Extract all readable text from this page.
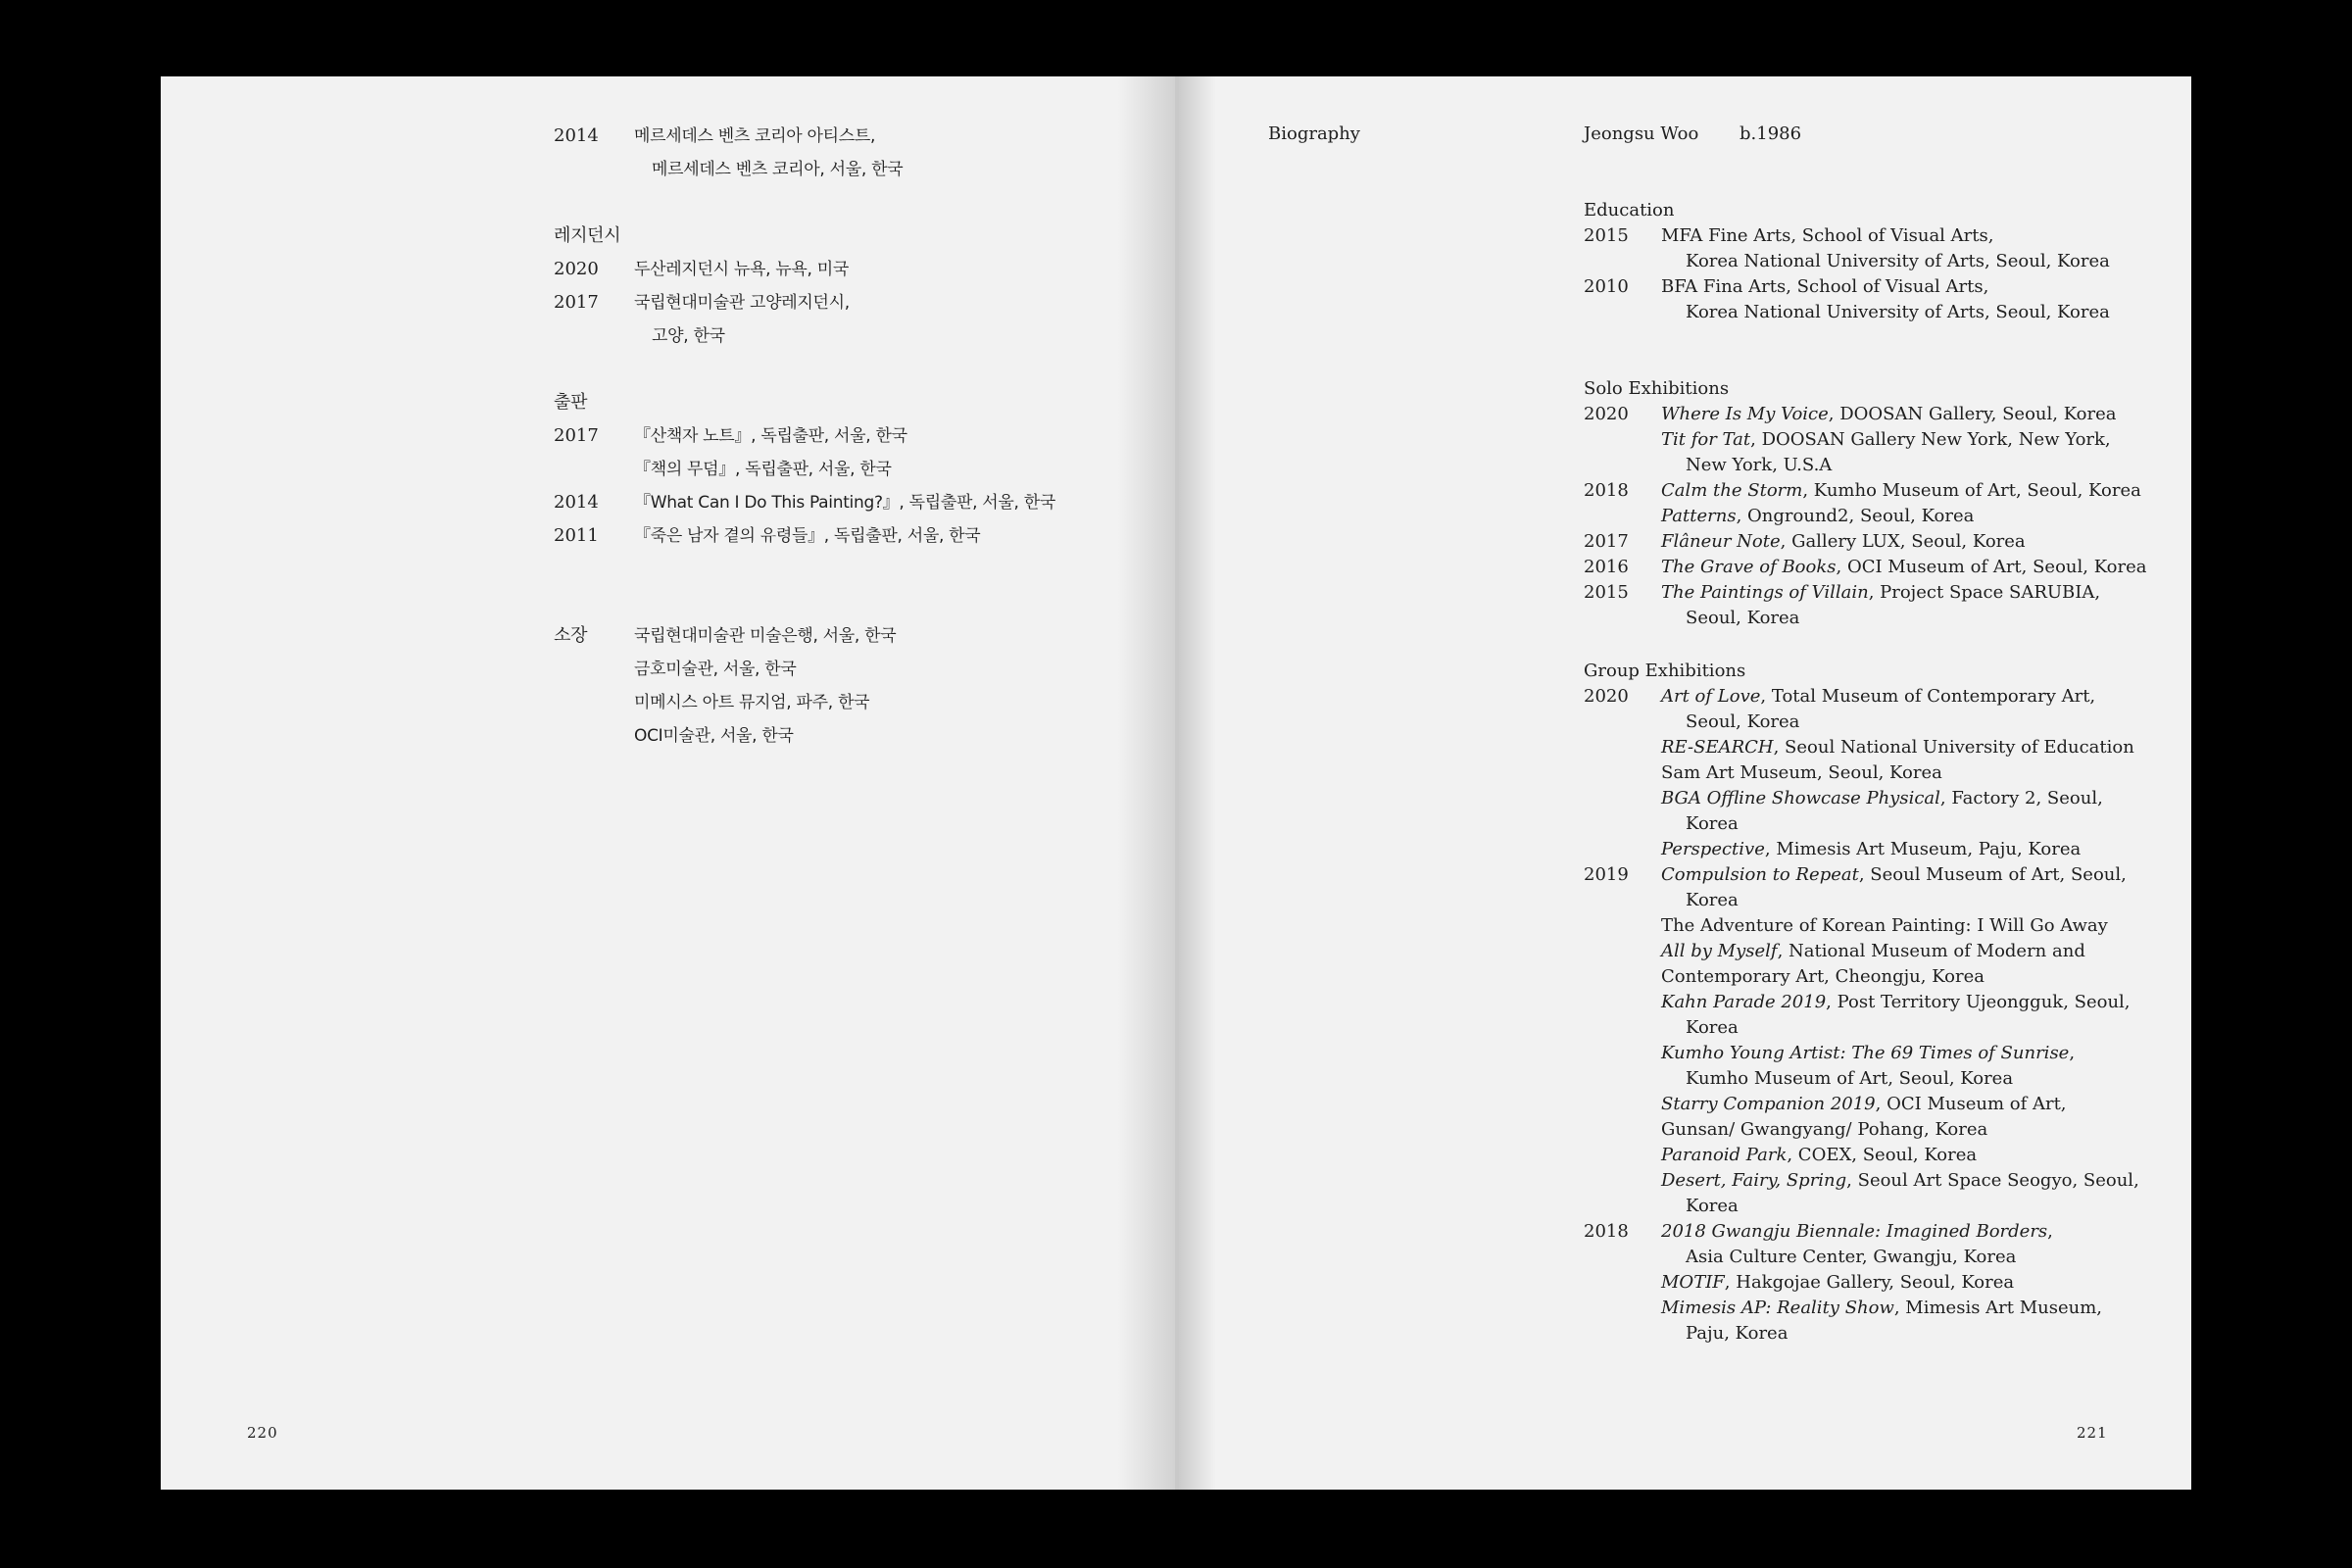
2014 메르세데스 벤츠 코리아 아티스트,
메르세데스 벤츠 코리아, 서울, 한국
레지던시
2020 두산레지던시 뉴욕, 뉴욕, 미국
2017 국립현대미술관 고양레지던시,
고양, 한국
출판
2017 『산책자 노트』, 독립출판, 서울, 한국
『책의 무덤』, 독립출판, 서울, 한국
2014 『What Can I Do This Painting?』, 독립출판, 서울, 한국
2011 『죽은 남자 곁의 유령들』, 독립출판, 서울, 한국
소장	국립현대미술관 미술은행, 서울, 한국
금호미술관, 서울, 한국
미메시스 아트 뮤지엄, 파주, 한국
OCI미술관, 서울, 한국
220
Biography	Jeongsu Woo b.1986
Education
2015 MFA Fine Arts, School of Visual Arts,
Korea National University of Arts, Seoul, Korea
2010 BFA Fina Arts, School of Visual Arts,
Korea National University of Arts, Seoul, Korea
Solo Exhibitions
2020 Where Is My Voice, DOOSAN Gallery, Seoul, Korea
Tit for Tat, DOOSAN Gallery New York, New York,
New York, U.S.A
2018 Calm the Storm, Kumho Museum of Art, Seoul, Korea
Patterns, Onground2, Seoul, Korea
2017 Flâneur Note, Gallery LUX, Seoul, Korea
2016 The Grave of Books, OCI Museum of Art, Seoul, Korea
2015 The Paintings of Villain, Project Space SARUBIA,
Seoul, Korea
Group Exhibitions
2020 Art of Love, Total Museum of Contemporary Art,
Seoul, Korea
RE-SEARCH, Seoul National University of Education
Sam Art Museum, Seoul, Korea
BGA Offline Showcase Physical, Factory 2, Seoul,
Korea
Perspective, Mimesis Art Museum, Paju, Korea
2019 Compulsion to Repeat, Seoul Museum of Art, Seoul,
Korea
The Adventure of Korean Painting: I Will Go Away
All by Myself, National Museum of Modern and
Contemporary Art, Cheongju, Korea
Kahn Parade 2019, Post Territory Ujeongguk, Seoul,
Korea
Kumho Young Artist: The 69 Times of Sunrise,
Kumho Museum of Art, Seoul, Korea
Starry Companion 2019, OCI Museum of Art,
Gunsan/ Gwangyang/ Pohang, Korea
Paranoid Park, COEX, Seoul, Korea
Desert, Fairy, Spring, Seoul Art Space Seogyo, Seoul,
Korea
2018 2018 Gwangju Biennale: Imagined Borders,
Asia Culture Center, Gwangju, Korea
MOTIF, Hakgojae Gallery, Seoul, Korea
Mimesis AP: Reality Show, Mimesis Art Museum,
Paju, Korea
221
